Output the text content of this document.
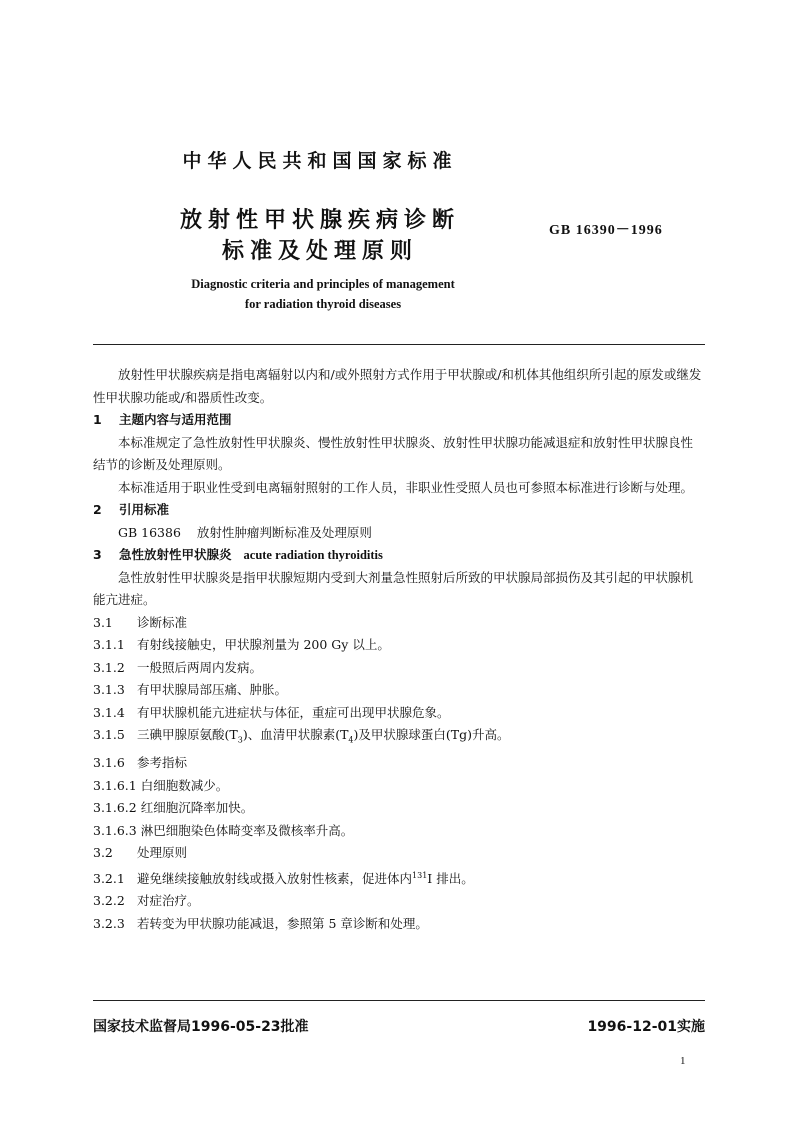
中华人民共和国国家标准
放射性甲状腺疾病诊断
标准及处理原则
GB 16390－1996
Diagnostic criteria and principles of management
for radiation thyroid diseases

放射性甲状腺疾病是指电离辐射以内和/或外照射方式作用于甲状腺或/和机体其他组织所引起的原发或继发性甲状腺功能或/和器质性改变。

1 主题内容与适用范围

本标准规定了急性放射性甲状腺炎、慢性放射性甲状腺炎、放射性甲状腺功能减退症和放射性甲状腺良性结节的诊断及处理原则。

本标准适用于职业性受到电离辐射照射的工作人员，非职业性受照人员也可参照本标准进行诊断与处理。

2 引用标准

GB 16386 放射性肿瘤判断标准及处理原则

3 急性放射性甲状腺炎 acute radiation thyroiditis

急性放射性甲状腺炎是指甲状腺短期内受到大剂量急性照射后所致的甲状腺局部损伤及其引起的甲状腺机能亢进症。

3.1 诊断标准

3.1.1 有射线接触史，甲状腺剂量为 200 Gy 以上。

3.1.2 一般照后两周内发病。

3.1.3 有甲状腺局部压痛、肿胀。

3.1.4 有甲状腺机能亢进症状与体征，重症可出现甲状腺危象。

3.1.5 三碘甲腺原氨酸$(T_3)$、血清甲状腺素$(T_4)$及甲状腺球蛋白(Tg)升高。

3.1.6 参考指标

3.1.6.1 白细胞数减少。

3.1.6.2 红细胞沉降率加快。

3.1.6.3 淋巴细胞染色体畸变率及微核率升高。

3.2 处理原则

3.2.1 避免继续接触放射线或摄入放射性核素，促进体内$^{131}$I 排出。

3.2.2 对症治疗。

3.2.3 若转变为甲状腺功能减退，参照第 5 章诊断和处理。

国家技术监督局1996-05-23批准	1996-12-01实施
1
